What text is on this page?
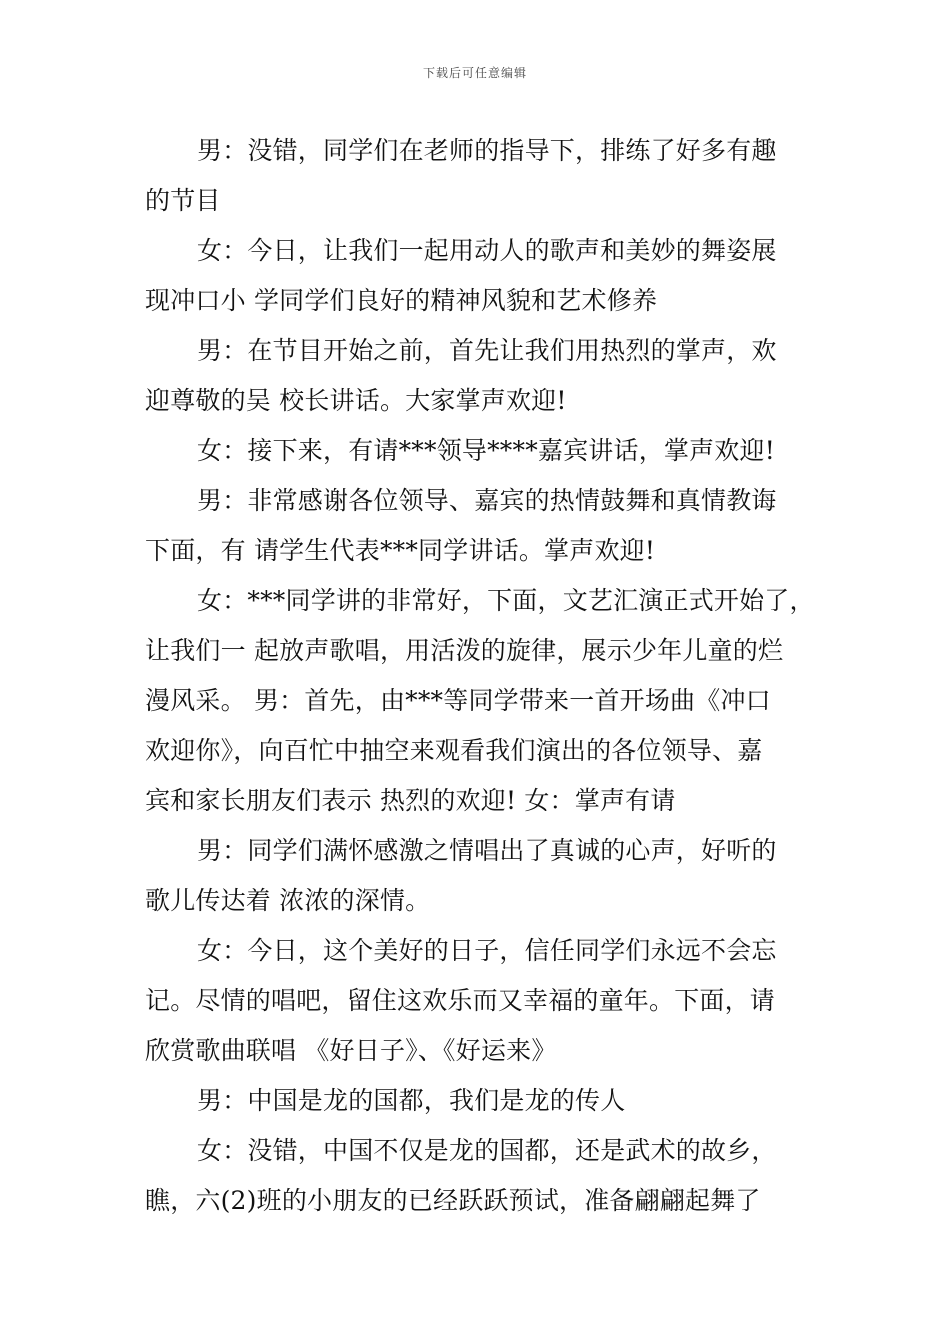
下载后可任意编辑
男：没错，同学们在老师的指导下，排练了好多有趣
的节目
女：今日，让我们一起用动人的歌声和美妙的舞姿展
现冲口小 学同学们良好的精神风貌和艺术修养
男：在节目开始之前，首先让我们用热烈的掌声，欢
迎尊敬的吴 校长讲话。大家掌声欢迎!
女：接下来，有请***领导****嘉宾讲话，掌声欢迎!
男：非常感谢各位领导、嘉宾的热情鼓舞和真情教诲
下面，有 请学生代表***同学讲话。掌声欢迎!
女：***同学讲的非常好，下面，文艺汇演正式开始了，
让我们一 起放声歌唱，用活泼的旋律，展示少年儿童的烂
漫风采。 男：首先，由***等同学带来一首开场曲《冲口
欢迎你》，向百忙中抽空来观看我们演出的各位领导、嘉
宾和家长朋友们表示 热烈的欢迎! 女：掌声有请
男：同学们满怀感激之情唱出了真诚的心声，好听的
歌儿传达着 浓浓的深情。
女：今日，这个美好的日子，信任同学们永远不会忘
记。尽情的唱吧，留住这欢乐而又幸福的童年。下面，请
欣赏歌曲联唱 《好日子》、《好运来》
男：中国是龙的国都，我们是龙的传人
女：没错，中国不仅是龙的国都，还是武术的故乡，
瞧，六(2)班的小朋友的已经跃跃预试，准备翩翩起舞了
